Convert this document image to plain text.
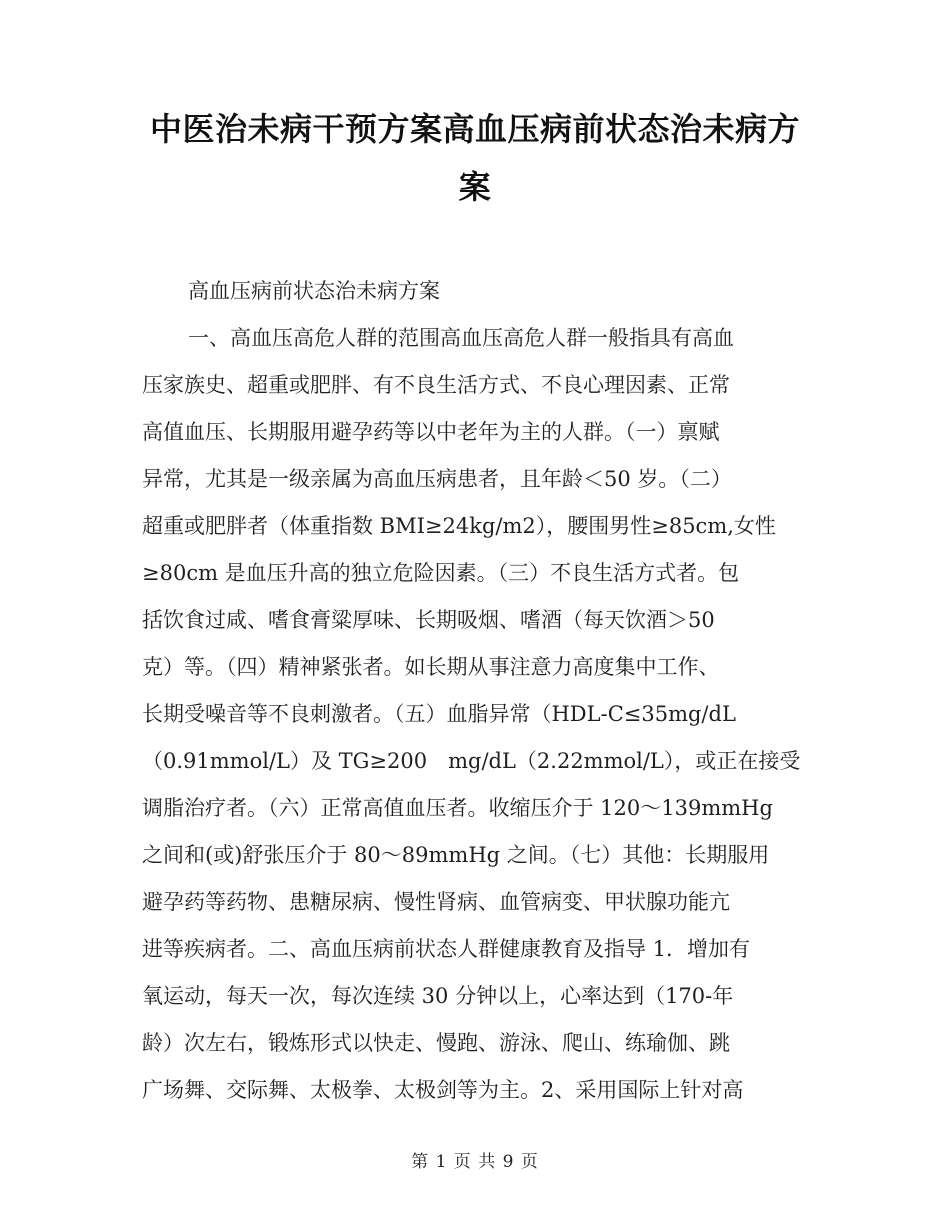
中医治未病干预方案高血压病前状态治未病方案
高血压病前状态治未病方案
一、高血压高危人群的范围高血压高危人群一般指具有高血
压家族史、超重或肥胖、有不良生活方式、不良心理因素、正常
高值血压、长期服用避孕药等以中老年为主的人群。（一）禀赋
异常，尤其是一级亲属为高血压病患者，且年龄＜50 岁。（二）
超重或肥胖者（体重指数 BMI≥24kg/m2），腰围男性≥85cm,女性
≥80cm 是血压升高的独立危险因素。（三）不良生活方式者。包
括饮食过咸、嗜食膏粱厚味、长期吸烟、嗜酒（每天饮酒＞50
克）等。（四）精神紧张者。如长期从事注意力高度集中工作、
长期受噪音等不良刺激者。（五）血脂异常（HDL-C≤35mg/dL
（0.91mmol/L）及 TG≥200　mg/dL（2.22mmol/L），或正在接受
调脂治疗者。（六）正常高值血压者。收缩压介于 120～139mmHg
之间和(或)舒张压介于 80～89mmHg 之间。（七）其他：长期服用
避孕药等药物、患糖尿病、慢性肾病、血管病变、甲状腺功能亢
进等疾病者。二、高血压病前状态人群健康教育及指导 1．增加有
氧运动，每天一次，每次连续 30 分钟以上，心率达到（170-年
龄）次左右，锻炼形式以快走、慢跑、游泳、爬山、练瑜伽、跳
广场舞、交际舞、太极拳、太极剑等为主。2、采用国际上针对高
第 1 页 共 9 页
